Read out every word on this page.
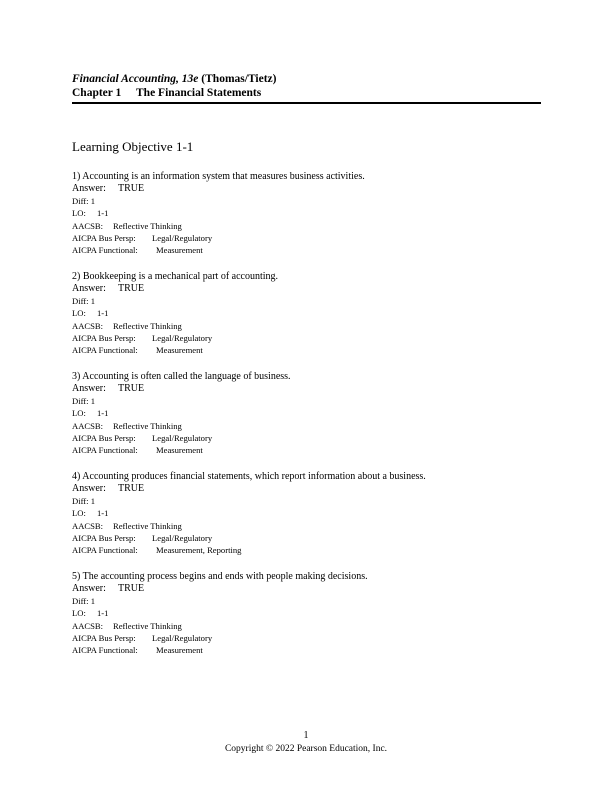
Financial Accounting, 13e (Thomas/Tietz)
Chapter 1 The Financial Statements
Learning Objective 1-1
1) Accounting is an information system that measures business activities.
Answer: TRUE
Diff: 1
LO: 1-1
AACSB: Reflective Thinking
AICPA Bus Persp: Legal/Regulatory
AICPA Functional: Measurement
2) Bookkeeping is a mechanical part of accounting.
Answer: TRUE
Diff: 1
LO: 1-1
AACSB: Reflective Thinking
AICPA Bus Persp: Legal/Regulatory
AICPA Functional: Measurement
3) Accounting is often called the language of business.
Answer: TRUE
Diff: 1
LO: 1-1
AACSB: Reflective Thinking
AICPA Bus Persp: Legal/Regulatory
AICPA Functional: Measurement
4) Accounting produces financial statements, which report information about a business.
Answer: TRUE
Diff: 1
LO: 1-1
AACSB: Reflective Thinking
AICPA Bus Persp: Legal/Regulatory
AICPA Functional: Measurement, Reporting
5) The accounting process begins and ends with people making decisions.
Answer: TRUE
Diff: 1
LO: 1-1
AACSB: Reflective Thinking
AICPA Bus Persp: Legal/Regulatory
AICPA Functional: Measurement
1
Copyright © 2022 Pearson Education, Inc.
